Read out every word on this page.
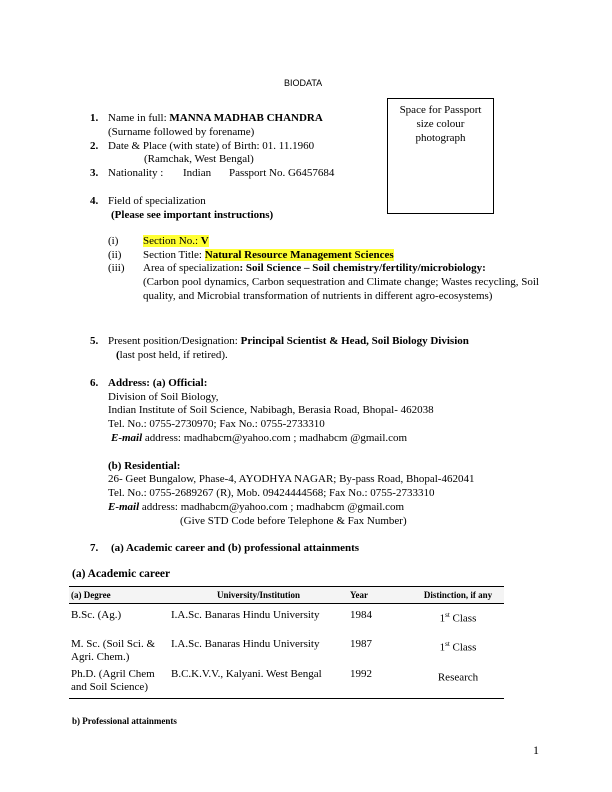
BIODATA
Space for Passport
size colour
photograph
1. Name in full: MANNA MADHAB CHANDRA
(Surname followed by forename)
2. Date & Place (with state) of Birth: 01. 11.1960
(Ramchak, West Bengal)
3. Nationality : Indian Passport No. G6457684
4. Field of specialization
(Please see important instructions)
(i) Section No.: V
(ii) Section Title: Natural Resource Management Sciences
(iii) Area of specialization: Soil Science – Soil chemistry/fertility/microbiology:
(Carbon pool dynamics, Carbon sequestration and Climate change; Wastes recycling, Soil quality, and Microbial transformation of nutrients in different agro-ecosystems)
5. Present position/Designation: Principal Scientist & Head, Soil Biology Division
(last post held, if retired).
6. Address: (a) Official:
Division of Soil Biology,
Indian Institute of Soil Science, Nabibagh, Berasia Road, Bhopal- 462038
Tel. No.: 0755-2730970; Fax No.: 0755-2733310
E-mail address: madhabcm@yahoo.com ; madhabcm @gmail.com
(b) Residential:
26- Geet Bungalow, Phase-4, AYODHYA NAGAR; By-pass Road, Bhopal-462041
Tel. No.: 0755-2689267 (R), Mob. 09424444568; Fax No.: 0755-2733310
E-mail address: madhabcm@yahoo.com ; madhabcm @gmail.com
(Give STD Code before Telephone & Fax Number)
7. (a) Academic career and (b) professional attainments
(a) Academic career
(a) Degree	University/Institution	Year	Distinction, if any
B.Sc. (Ag.)	I.A.Sc. Banaras Hindu University	1984	1st Class
M. Sc. (Soil Sci. & Agri. Chem.)	I.A.Sc. Banaras Hindu University	1987	1st Class
Ph.D. (Agril Chem and Soil Science)	B.C.K.V.V., Kalyani. West Bengal	1992	Research
b) Professional attainments
1
